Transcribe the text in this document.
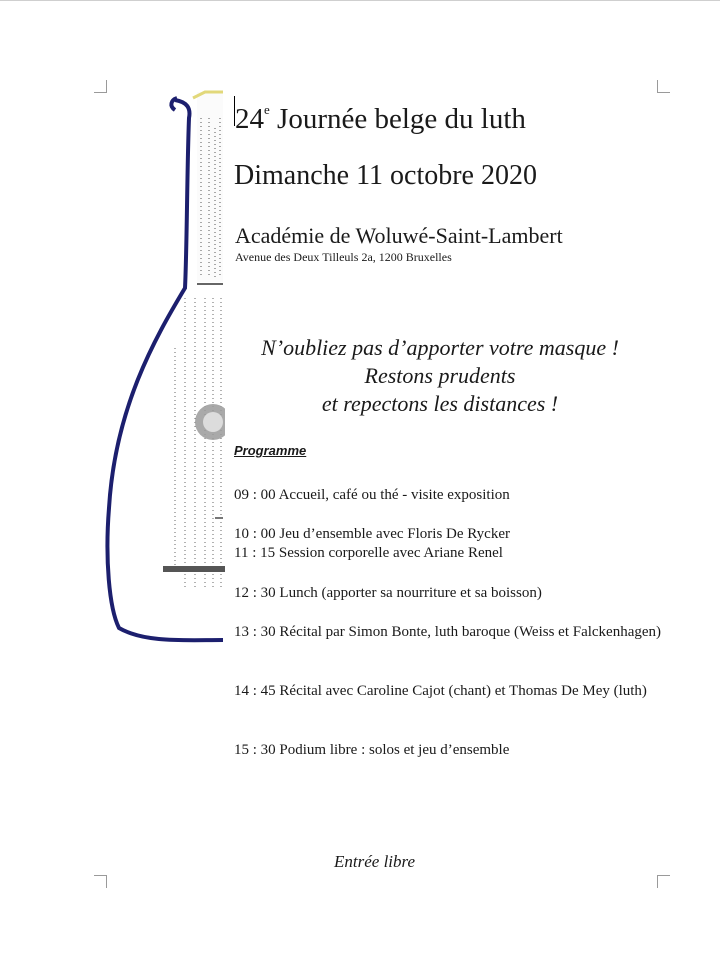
24e Journée belge du luth
Dimanche 11 octobre 2020
Académie de Woluwé-Saint-Lambert
Avenue des Deux Tilleuls 2a, 1200 Bruxelles
N’oubliez pas d’apporter votre masque !
Restons prudents
et repectons les distances !
Programme
09 : 00 Accueil, café ou thé - visite exposition
10 : 00 Jeu d’ensemble avec Floris De Rycker
11 : 15 Session corporelle avec Ariane Renel
12 : 30 Lunch (apporter sa nourriture et sa boisson)
13 : 30 Récital par Simon Bonte, luth baroque (Weiss et Falckenhagen)
14 : 45 Récital avec Caroline Cajot (chant) et Thomas De Mey (luth)
15 : 30 Podium libre : solos et jeu d’ensemble
Entrée libre
